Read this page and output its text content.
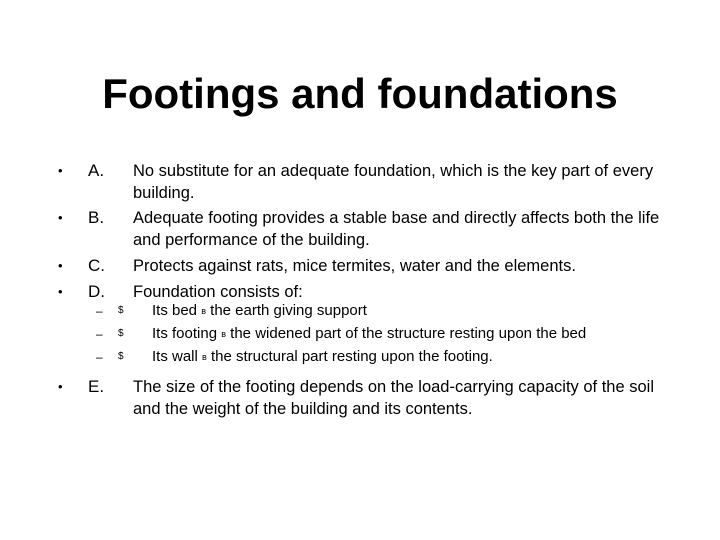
Footings and foundations
• A. No substitute for an adequate foundation, which is the key part of every building.
• B. Adequate footing provides a stable base and directly affects both the life and performance of the building.
• C. Protects against rats, mice termites, water and the elements.
• D. Foundation consists of:
– $ Its bed в the earth giving support
– $ Its footing в the widened part of the structure resting upon the bed
– $ Its wall в the structural part resting upon the footing.
• E. The size of the footing depends on the load-carrying capacity of the soil and the weight of the building and its contents.
